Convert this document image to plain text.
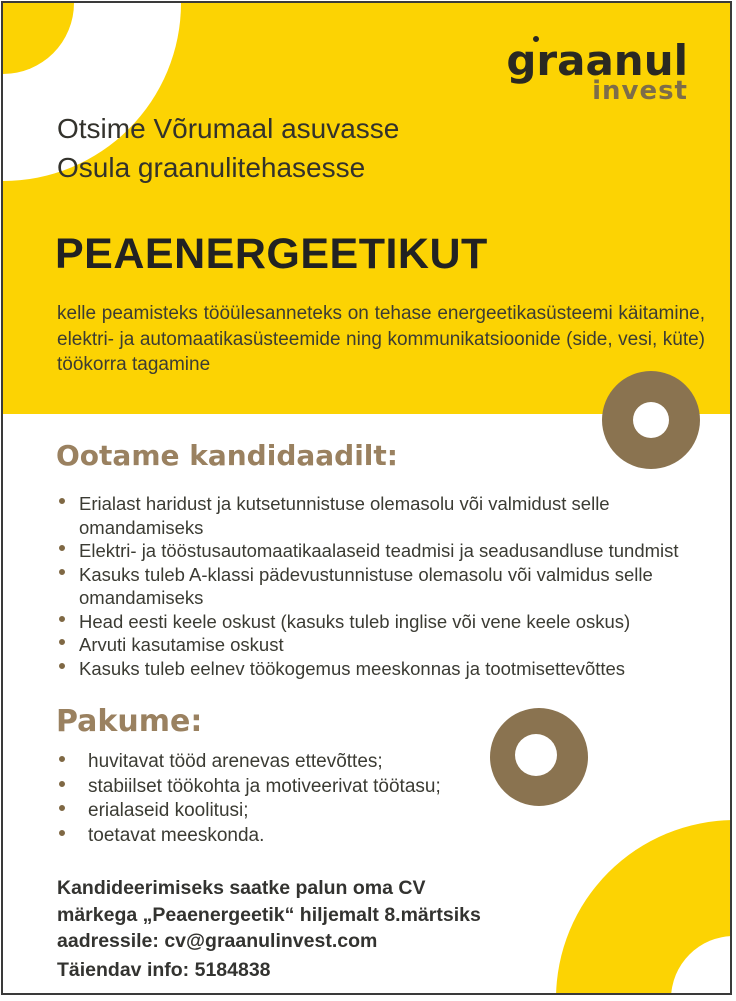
graanul
invest
Otsime Võrumaal asuvasse
Osula graanulitehasesse
PEAENERGEETIKUT

kelle peamisteks tööülesanneteks on tehase energeetikasüsteemi käitamine, elektri- ja automaatikasüsteemide ning kommunikatsioonide (side, vesi, küte) töökorra tagamine

Ootame kandidaadilt:
Erialast haridust ja kutsetunnistuse olemasolu või valmidust selle omandamiseks
Elektri- ja tööstusautomaatikaalaseid teadmisi ja seadusandluse tundmist
Kasuks tuleb A-klassi pädevustunnistuse olemasolu või valmidus selle omandamiseks
Head eesti keele oskust (kasuks tuleb inglise või vene keele oskus)
Arvuti kasutamise oskust
Kasuks tuleb eelnev töökogemus meeskonnas ja tootmisettevõttes
Pakume:
huvitavat tööd arenevas ettevõttes;
stabiilset töökohta ja motiveerivat töötasu;
erialaseid koolitusi;
toetavat meeskonda.
Kandideerimiseks saatke palun oma CV
märkega „Peaenergeetik“ hiljemalt 8.märtsiks
aadressile: cv@graanulinvest.com
Täiendav info: 5184838
